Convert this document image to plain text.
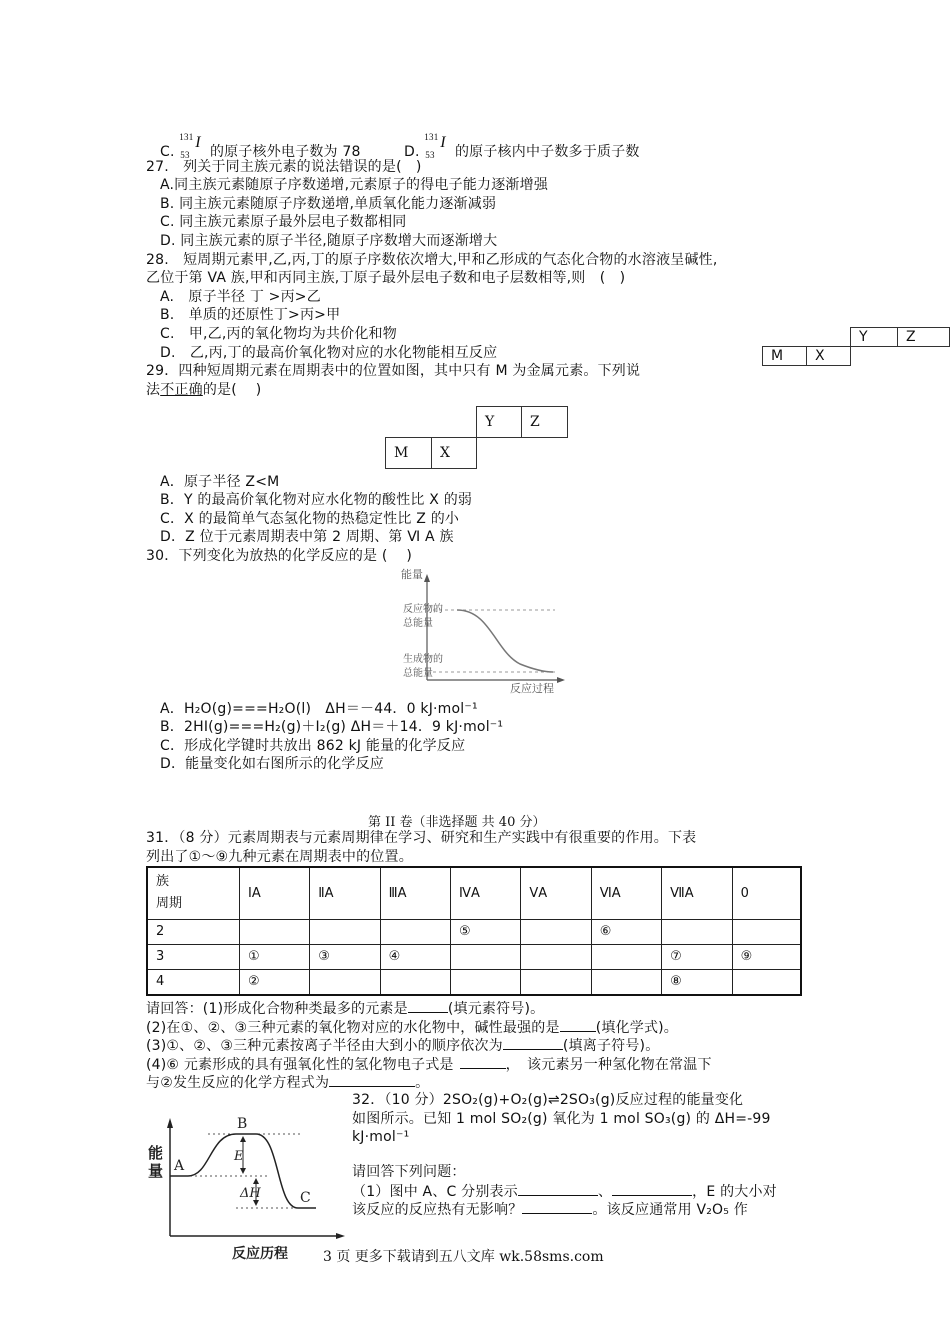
C.
131
53
I
的原子核外电子数为 78	D.
131
53
I
的原子核内中子数多于质子数
27.　列关于同主族元素的说法错误的是(　)
A.同主族元素随原子序数递增,元素原子的得电子能力逐渐增强
B. 同主族元素随原子序数递增,单质氧化能力逐渐减弱
C. 同主族元素原子最外层电子数都相同
D. 同主族元素的原子半径,随原子序数增大而逐渐增大
28.　短周期元素甲,乙,丙,丁的原子序数依次增大,甲和乙形成的气态化合物的水溶液呈碱性,
乙位于第 VA 族,甲和丙同主族,丁原子最外层电子数和电子层数相等,则　(　)
A.　原子半径 丁 >丙>乙
B.　单质的还原性丁>丙>甲
C.　甲,乙,丙的氧化物均为共价化和物
D.　乙,丙,丁的最高价氧化物对应的水化物能相互反应
Y	Z
M	X
29．四种短周期元素在周期表中的位置如图，其中只有 M 为金属元素。下列说
法不正确的是(　 )
Y	Z
M	X
A．原子半径 Z<M
B．Y 的最高价氧化物对应水化物的酸性比 X 的弱
C．X 的最简单气态氢化物的热稳定性比 Z 的小
D．Z 位于元素周期表中第 2 周期、第 Ⅵ A 族
30．下列变化为放热的化学反应的是 (　 )
能量
反应物的
总能量
生成物的
总能量
反应过程
A．H₂O(g)===H₂O(l)　ΔH＝－44．0 kJ·mol⁻¹
B．2HI(g)===H₂(g)＋I₂(g) ΔH＝＋14．9 kJ·mol⁻¹
C．形成化学键时共放出 862 kJ 能量的化学反应
D．能量变化如右图所示的化学反应
第 II 卷（非选择题 共 40 分）
31．（8 分）元素周期表与元素周期律在学习、研究和生产实践中有很重要的作用。下表
列出了①～⑨九种元素在周期表中的位置。
族
周期	ⅠA	ⅡA	ⅢA	ⅣA	ⅤA	ⅥA	ⅦA	0
2				⑤		⑥		
3	①	③	④				⑦	⑨
4	②						⑧	
请回答：(1)形成化合物种类最多的元素是	(填元素符号)。
(2)在①、②、③三种元素的氧化物对应的水化物中，碱性最强的是	(填化学式)。
(3)①、②、③三种元素按离子半径由大到小的顺序依次为	(填离子符号)。
(4)⑥ 元素形成的具有强氧化性的氢化物电子式是	，　该元素另一种氢化物在常温下
与②发生反应的化学方程式为	。
能
量 A
B
C
E
ΔH
反应历程
32．（10 分）2SO₂(g)+O₂(g)⇌2SO₃(g)反应过程的能量变化
如图所示。已知 1 mol SO₂(g) 氧化为 1 mol SO₃(g) 的 ΔH=-99
kJ·mol⁻¹
请回答下列问题：
（1）图中 A、C 分别表示	、	，E 的大小对
该反应的反应热有无影响？	。该反应通常用 V₂O₅ 作
3 页 更多下载请到五八文库 wk.58sms.com
